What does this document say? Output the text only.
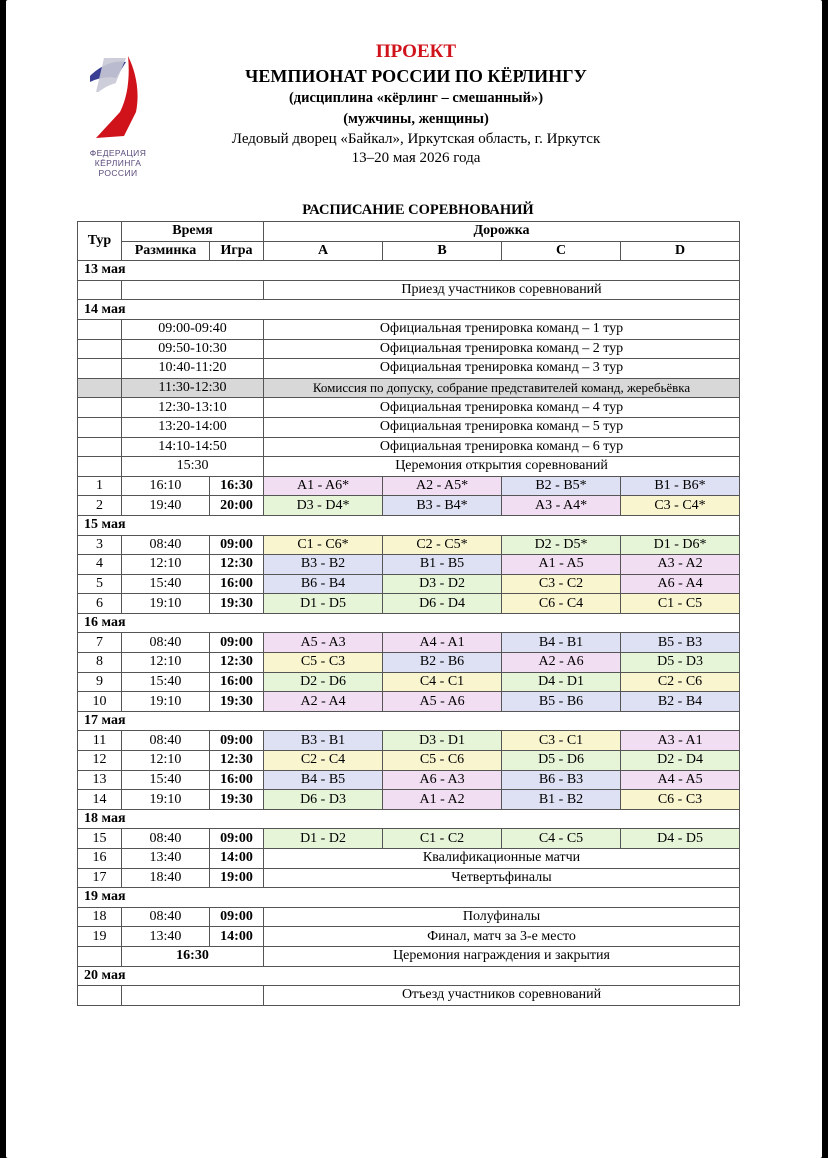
ФЕДЕРАЦИЯ
КЁРЛИНГА
РОССИИ
ПРОЕКТ
ЧЕМПИОНАТ РОССИИ ПО КЁРЛИНГУ
(дисциплина «кёрлинг – смешанный»)
(мужчины, женщины)
Ледовый дворец «Байкал», Иркутская область, г. Иркутск
13–20 мая 2026 года
РАСПИСАНИЕ СОРЕВНОВАНИЙ
Тур	Время		Дорожка			
	Разминка	Игра	A	B	C	D
13 мая						
			Приезд участников соревнований			
14 мая						
	09:00-09:40		Официальная тренировка команд – 1 тур			
	09:50-10:30		Официальная тренировка команд – 2 тур			
	10:40-11:20		Официальная тренировка команд – 3 тур			
	11:30-12:30		Комиссия по допуску, собрание представителей команд, жеребьёвка			
	12:30-13:10		Официальная тренировка команд – 4 тур			
	13:20-14:00		Официальная тренировка команд – 5 тур			
	14:10-14:50		Официальная тренировка команд – 6 тур			
	15:30		Церемония открытия соревнований			
1	16:10	16:30	A1 - A6*	A2 - A5*	B2 - B5*	B1 - B6*
2	19:40	20:00	D3 - D4*	B3 - B4*	A3 - A4*	C3 - C4*
15 мая						
3	08:40	09:00	C1 - C6*	C2 - C5*	D2 - D5*	D1 - D6*
4	12:10	12:30	B3 - B2	B1 - B5	A1 - A5	A3 - A2
5	15:40	16:00	B6 - B4	D3 - D2	C3 - C2	A6 - A4
6	19:10	19:30	D1 - D5	D6 - D4	C6 - C4	C1 - C5
16 мая						
7	08:40	09:00	A5 - A3	A4 - A1	B4 - B1	B5 - B3
8	12:10	12:30	C5 - C3	B2 - B6	A2 - A6	D5 - D3
9	15:40	16:00	D2 - D6	C4 - C1	D4 - D1	C2 - C6
10	19:10	19:30	A2 - A4	A5 - A6	B5 - B6	B2 - B4
17 мая						
11	08:40	09:00	B3 - B1	D3 - D1	C3 - C1	A3 - A1
12	12:10	12:30	C2 - C4	C5 - C6	D5 - D6	D2 - D4
13	15:40	16:00	B4 - B5	A6 - A3	B6 - B3	A4 - A5
14	19:10	19:30	D6 - D3	A1 - A2	B1 - B2	C6 - C3
18 мая						
15	08:40	09:00	D1 - D2	C1 - C2	C4 - C5	D4 - D5
16	13:40	14:00	Квалификационные матчи			
17	18:40	19:00	Четвертьфиналы			
19 мая						
18	08:40	09:00	Полуфиналы			
19	13:40	14:00	Финал, матч за 3-е место			
	16:30		Церемония награждения и закрытия			
20 мая						
			Отъезд участников соревнований			
